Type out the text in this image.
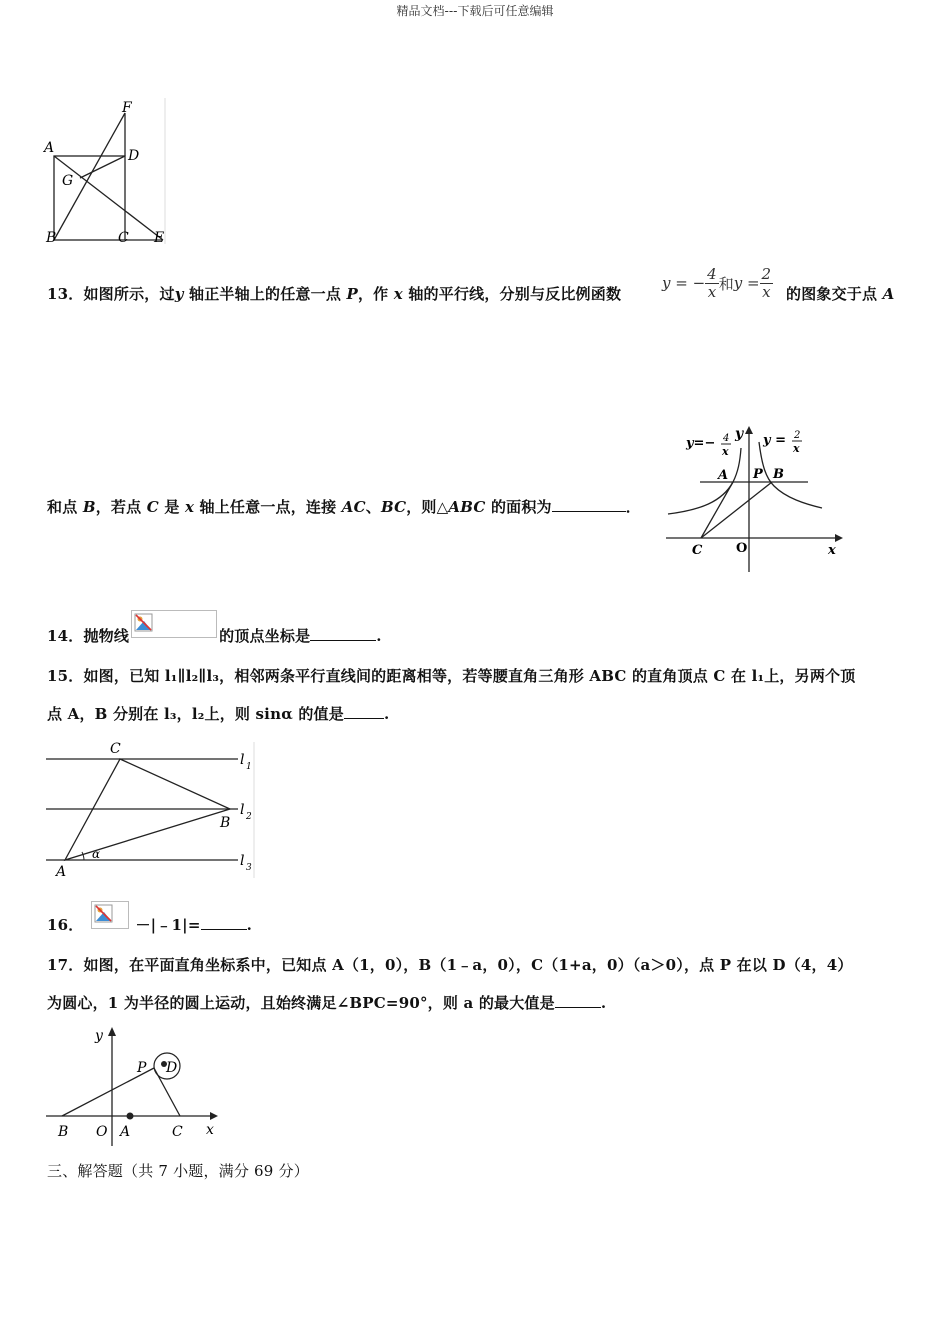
精品文档---下载后可任意编辑
F
A	D
G
B	C E
13．如图所示，过y 轴正半轴上的任意一点 P，作 x 轴的平行线，分别与反比例函数
y = − $\frac{4}{x}$ 和 $y = \frac{2}{x}$ 的图象交于点 A
y=− 4
x
y y = 2
x
A P B
C	O	x
和点 B，若点 C 是 x 轴上任意一点，连接 AC、BC，则△ABC 的面积为	．
14．抛物线	的顶点坐标是	.
15．如图，已知 l₁∥l₂∥l₃，相邻两条平行直线间的距离相等，若等腰直角三角形 ABC 的直角顶点 C 在 l₁上，另两个顶
点 A，B 分别在 l₃，l₂上，则 sinα 的值是	.
C
B
A
α
l 1
l 2
l 3
16．	－|﹣1|=	.
17．如图，在平面直角坐标系中，已知点 A（1，0），B（1﹣a，0），C（1+a，0）（a＞0），点 P 在以 D（4，4）
为圆心，1 为半径的圆上运动，且始终满足∠BPC=90°，则 a 的最大值是	.
y
P D
B O A	C x
三、解答题（共 7 小题，满分 69 分）
